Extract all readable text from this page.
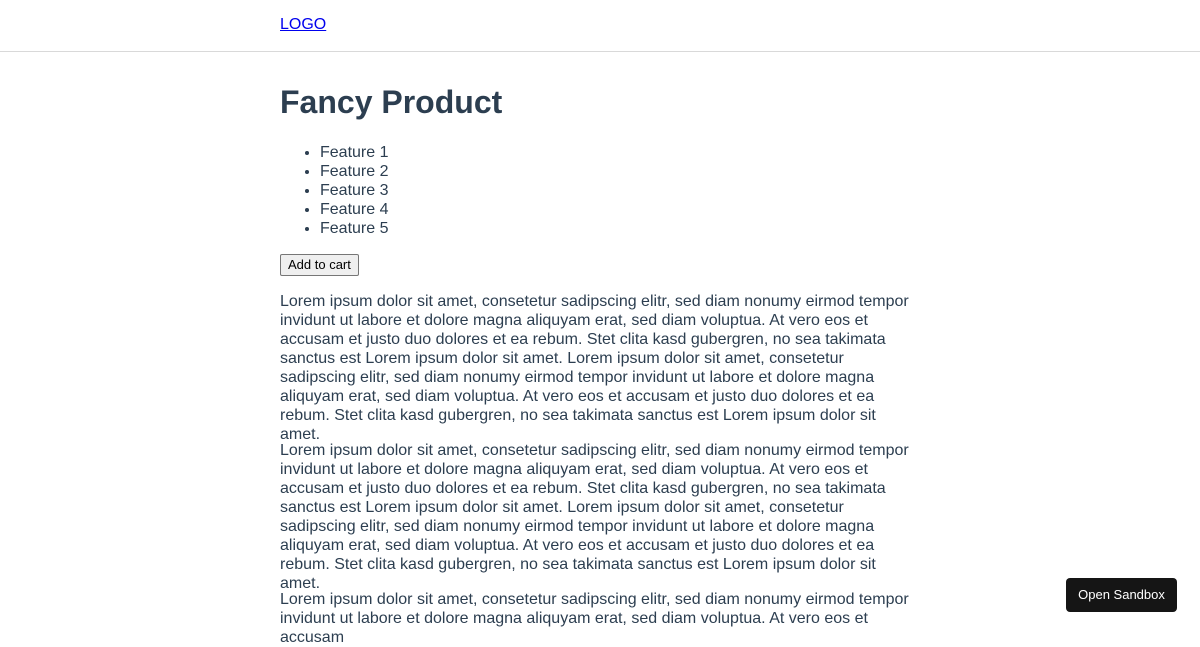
LOGO
Fancy Product
• Feature 1
• Feature 2
• Feature 3
• Feature 4
• Feature 5
Add to cart

Lorem ipsum dolor sit amet, consetetur sadipscing elitr, sed diam nonumy eirmod tempor invidunt ut labore et dolore magna aliquyam erat, sed diam voluptua. At vero eos et accusam et justo duo dolores et ea rebum. Stet clita kasd gubergren, no sea takimata sanctus est Lorem ipsum dolor sit amet. Lorem ipsum dolor sit amet, consetetur sadipscing elitr, sed diam nonumy eirmod tempor invidunt ut labore et dolore magna aliquyam erat, sed diam voluptua. At vero eos et accusam et justo duo dolores et ea rebum. Stet clita kasd gubergren, no sea takimata sanctus est Lorem ipsum dolor sit amet.

Lorem ipsum dolor sit amet, consetetur sadipscing elitr, sed diam nonumy eirmod tempor invidunt ut labore et dolore magna aliquyam erat, sed diam voluptua. At vero eos et accusam et justo duo dolores et ea rebum. Stet clita kasd gubergren, no sea takimata sanctus est Lorem ipsum dolor sit amet. Lorem ipsum dolor sit amet, consetetur sadipscing elitr, sed diam nonumy eirmod tempor invidunt ut labore et dolore magna aliquyam erat, sed diam voluptua. At vero eos et accusam et justo duo dolores et ea rebum. Stet clita kasd gubergren, no sea takimata sanctus est Lorem ipsum dolor sit amet.

Lorem ipsum dolor sit amet, consetetur sadipscing elitr, sed diam nonumy eirmod tempor invidunt ut labore et dolore magna aliquyam erat, sed diam voluptua. At vero eos et accusam

Open Sandbox
